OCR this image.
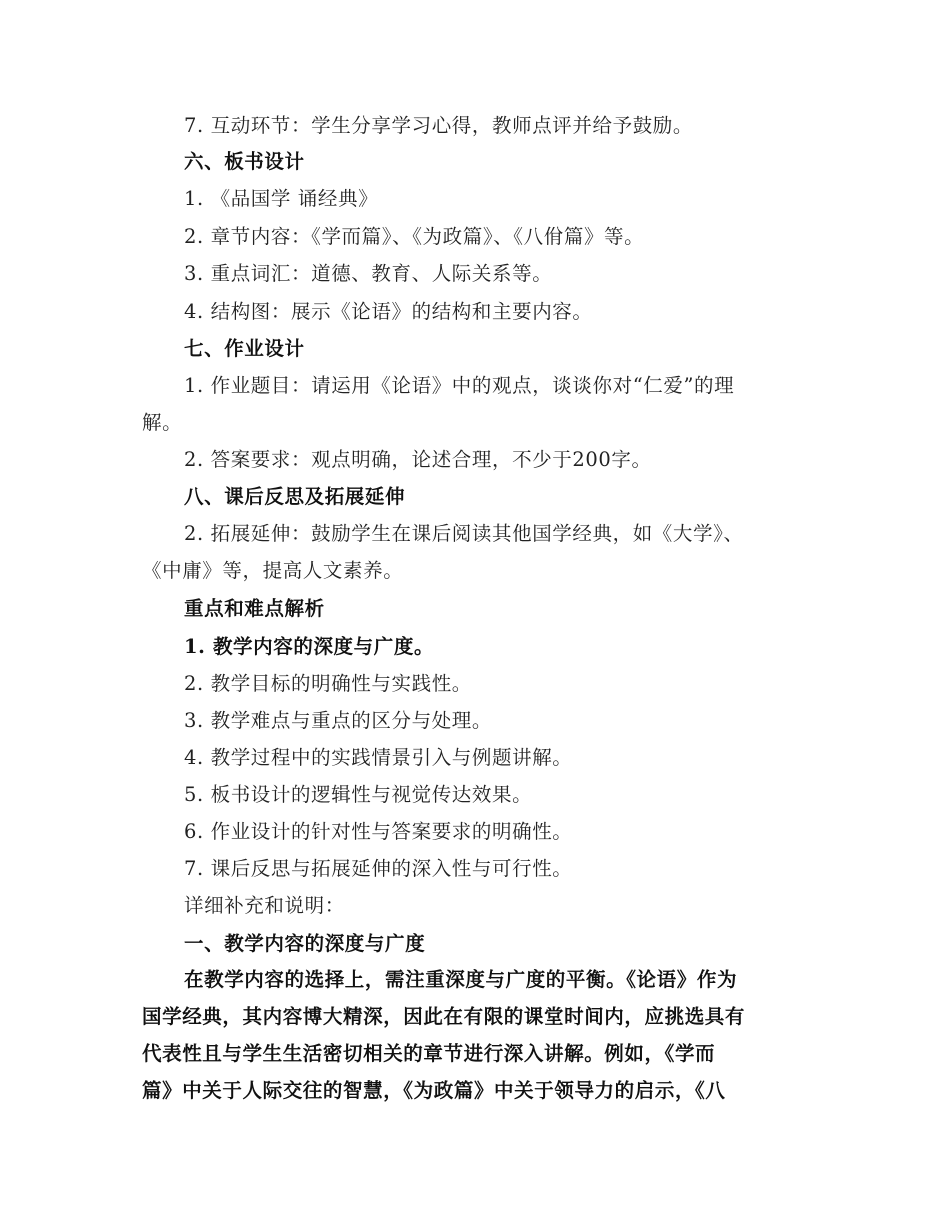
7. 互动环节：学生分享学习心得，教师点评并给予鼓励。
六、板书设计
1. 《品国学 诵经典》
2. 章节内容：《学而篇》、《为政篇》、《八佾篇》等。
3. 重点词汇：道德、教育、人际关系等。
4. 结构图：展示《论语》的结构和主要内容。
七、作业设计
1. 作业题目：请运用《论语》中的观点，谈谈你对“仁爱”的理
解。
2. 答案要求：观点明确，论述合理，不少于200字。
八、课后反思及拓展延伸
2. 拓展延伸：鼓励学生在课后阅读其他国学经典，如《大学》、
《中庸》等，提高人文素养。
重点和难点解析
1. 教学内容的深度与广度。
2. 教学目标的明确性与实践性。
3. 教学难点与重点的区分与处理。
4. 教学过程中的实践情景引入与例题讲解。
5. 板书设计的逻辑性与视觉传达效果。
6. 作业设计的针对性与答案要求的明确性。
7. 课后反思与拓展延伸的深入性与可行性。
详细补充和说明：
一、教学内容的深度与广度
在教学内容的选择上，需注重深度与广度的平衡。《论语》作为
国学经典，其内容博大精深，因此在有限的课堂时间内，应挑选具有
代表性且与学生生活密切相关的章节进行深入讲解。例如，《学而
篇》中关于人际交往的智慧，《为政篇》中关于领导力的启示，《八
